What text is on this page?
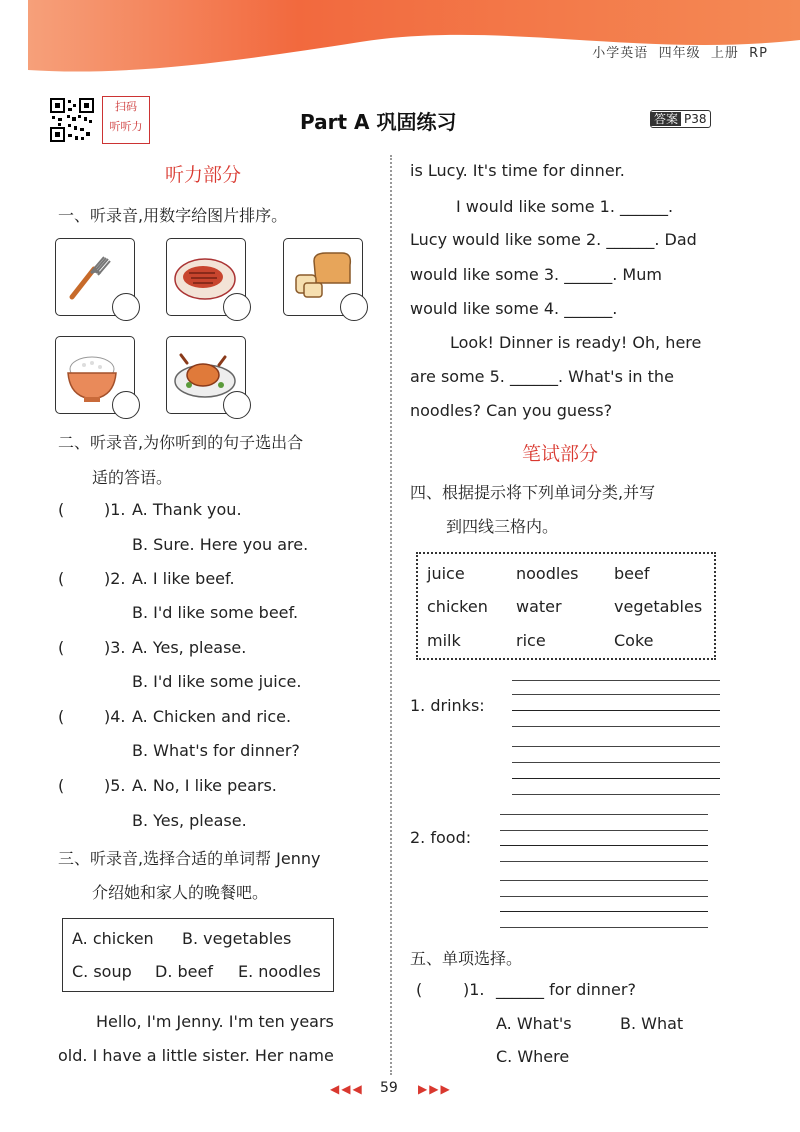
小学英语 四年级 上册 RP
扫码
听听力	Part A 巩固练习	答案 P38
听力部分
一、听录音,用数字给图片排序。
二、听录音,为你听到的句子选出合
适的答语。
( )1. A. Thank you.
B. Sure. Here you are.
( )2. A. I like beef.
B. I'd like some beef.
( )3. A. Yes, please.
B. I'd like some juice.
( )4. A. Chicken and rice.
B. What's for dinner?
( )5. A. No, I like pears.
B. Yes, please.
三、听录音,选择合适的单词帮 Jenny
介绍她和家人的晚餐吧。
A. chicken B. vegetables
C. soup D. beef E. noodles
Hello, I'm Jenny. I'm ten years
old. I have a little sister. Her name
is Lucy. It's time for dinner.
I would like some 1. ______.
Lucy would like some 2. ______. Dad
would like some 3. ______. Mum
would like some 4. ______.
Look! Dinner is ready! Oh, here
are some 5. ______. What's in the
noodles? Can you guess?
笔试部分
四、根据提示将下列单词分类,并写
到四线三格内。
juice	noodles beef
chicken water	vegetables
milk	rice	Coke
1. drinks:
2. food:
五、单项选择。
(	)1. ______ for dinner?
A. What's	B. What
C. Where
◀◀◀ 59 ▶▶▶
